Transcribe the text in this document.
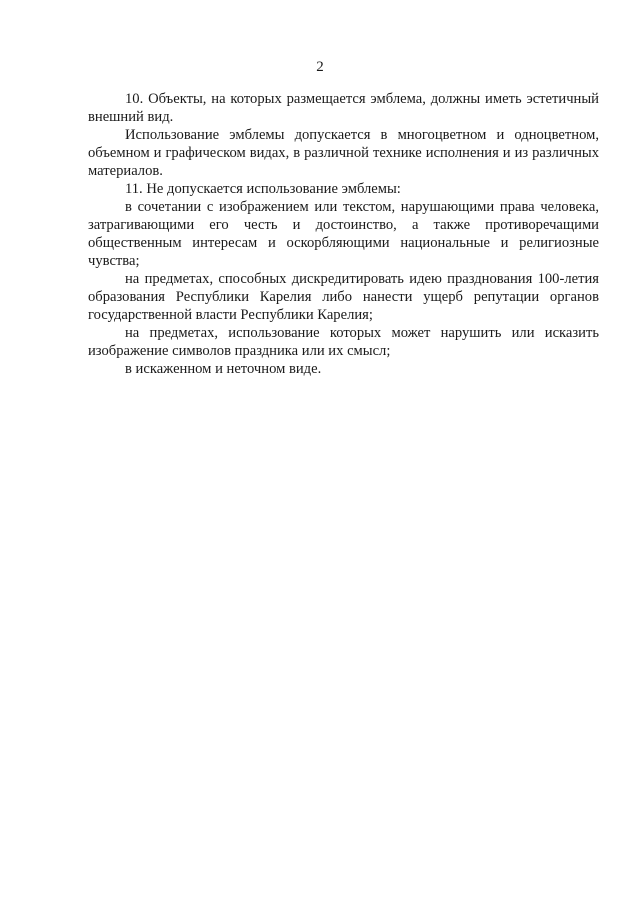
2

10. Объекты, на которых размещается эмблема, должны иметь эстетичный внешний вид.

Использование эмблемы допускается в многоцветном и одноцветном, объемном и графическом видах, в различной технике исполнения и из различных материалов.

11. Не допускается использование эмблемы:

в сочетании с изображением или текстом, нарушающими права человека, затрагивающими его честь и достоинство, а также противоречащими общественным интересам и оскорбляющими национальные и религиозные чувства;

на предметах, способных дискредитировать идею празднования 100-летия образования Республики Карелия либо нанести ущерб репутации органов государственной власти Республики Карелия;

на предметах, использование которых может нарушить или исказить изображение символов праздника или их смысл;

в искаженном и неточном виде.
